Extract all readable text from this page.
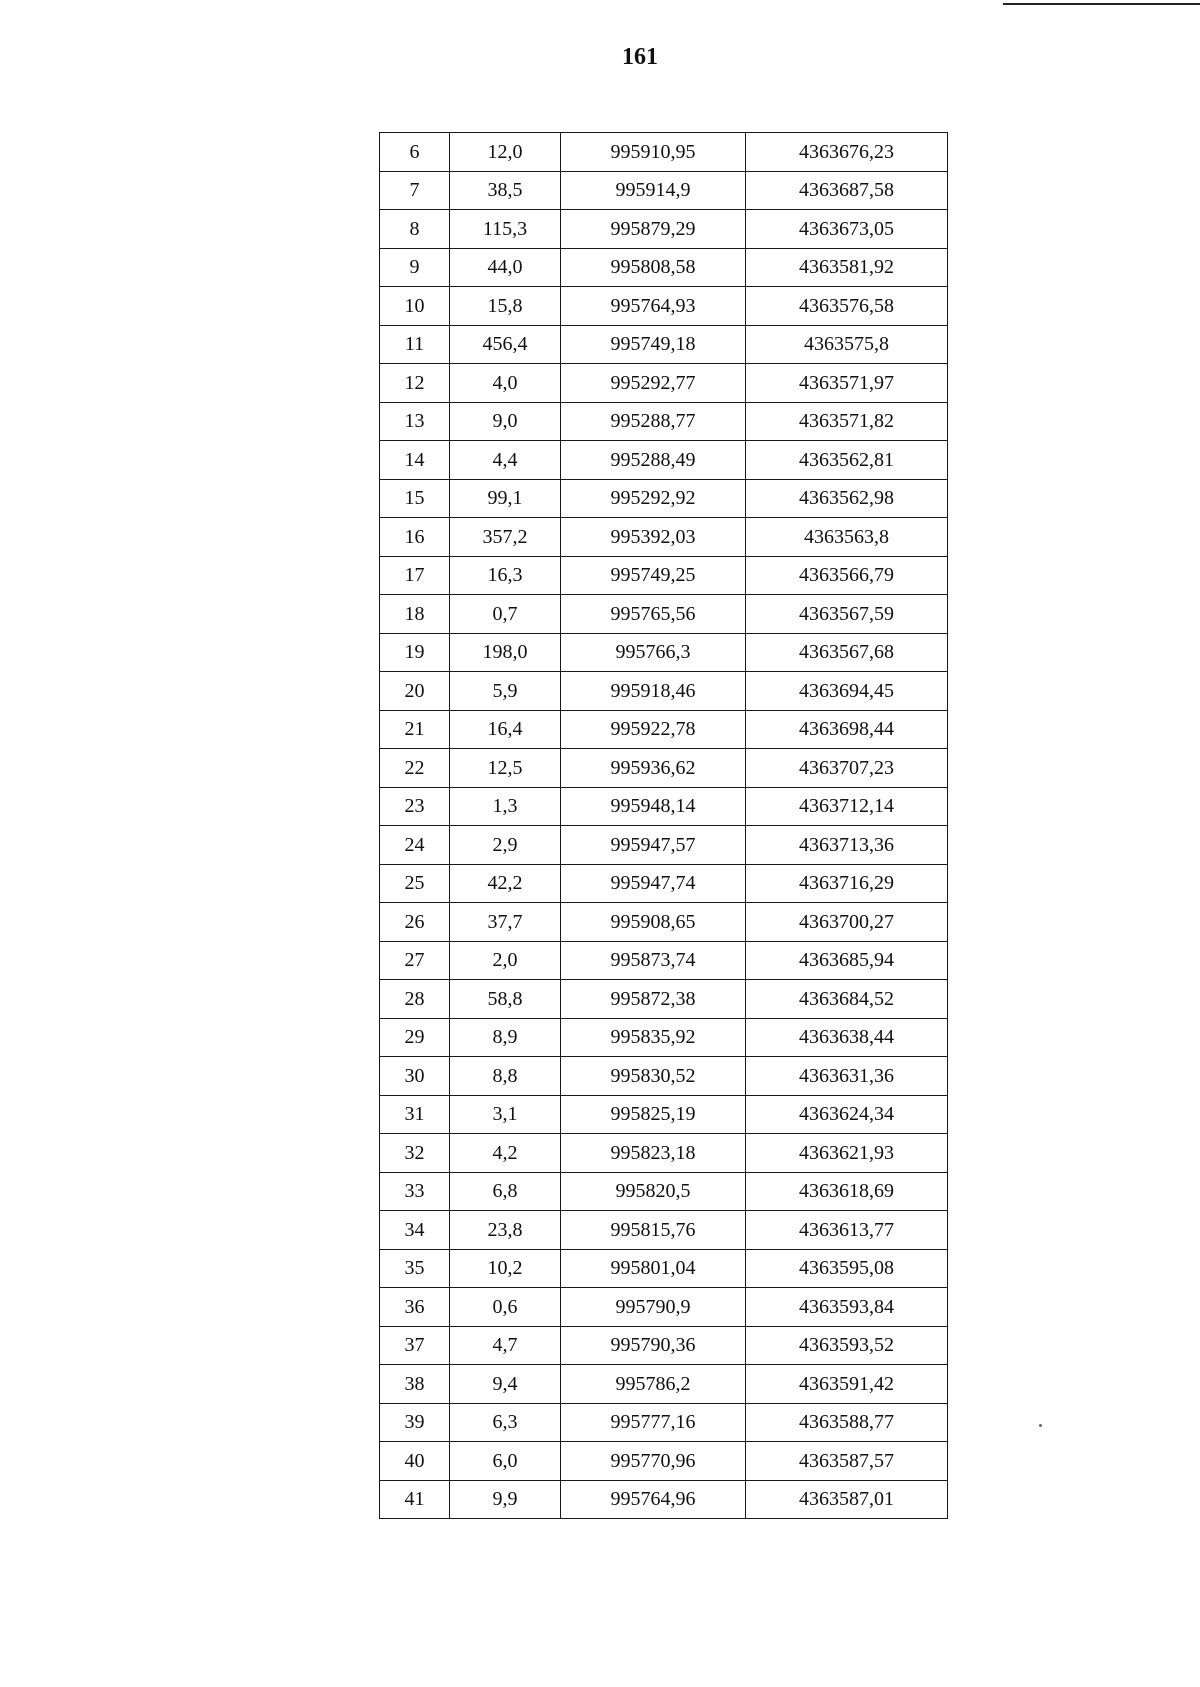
161
6	12,0	995910,95	4363676,23
7	38,5	995914,9	4363687,58
8	115,3	995879,29	4363673,05
9	44,0	995808,58	4363581,92
10	15,8	995764,93	4363576,58
11	456,4	995749,18	4363575,8
12	4,0	995292,77	4363571,97
13	9,0	995288,77	4363571,82
14	4,4	995288,49	4363562,81
15	99,1	995292,92	4363562,98
16	357,2	995392,03	4363563,8
17	16,3	995749,25	4363566,79
18	0,7	995765,56	4363567,59
19	198,0	995766,3	4363567,68
20	5,9	995918,46	4363694,45
21	16,4	995922,78	4363698,44
22	12,5	995936,62	4363707,23
23	1,3	995948,14	4363712,14
24	2,9	995947,57	4363713,36
25	42,2	995947,74	4363716,29
26	37,7	995908,65	4363700,27
27	2,0	995873,74	4363685,94
28	58,8	995872,38	4363684,52
29	8,9	995835,92	4363638,44
30	8,8	995830,52	4363631,36
31	3,1	995825,19	4363624,34
32	4,2	995823,18	4363621,93
33	6,8	995820,5	4363618,69
34	23,8	995815,76	4363613,77
35	10,2	995801,04	4363595,08
36	0,6	995790,9	4363593,84
37	4,7	995790,36	4363593,52
38	9,4	995786,2	4363591,42
39	6,3	995777,16	4363588,77
40	6,0	995770,96	4363587,57
41	9,9	995764,96	4363587,01
